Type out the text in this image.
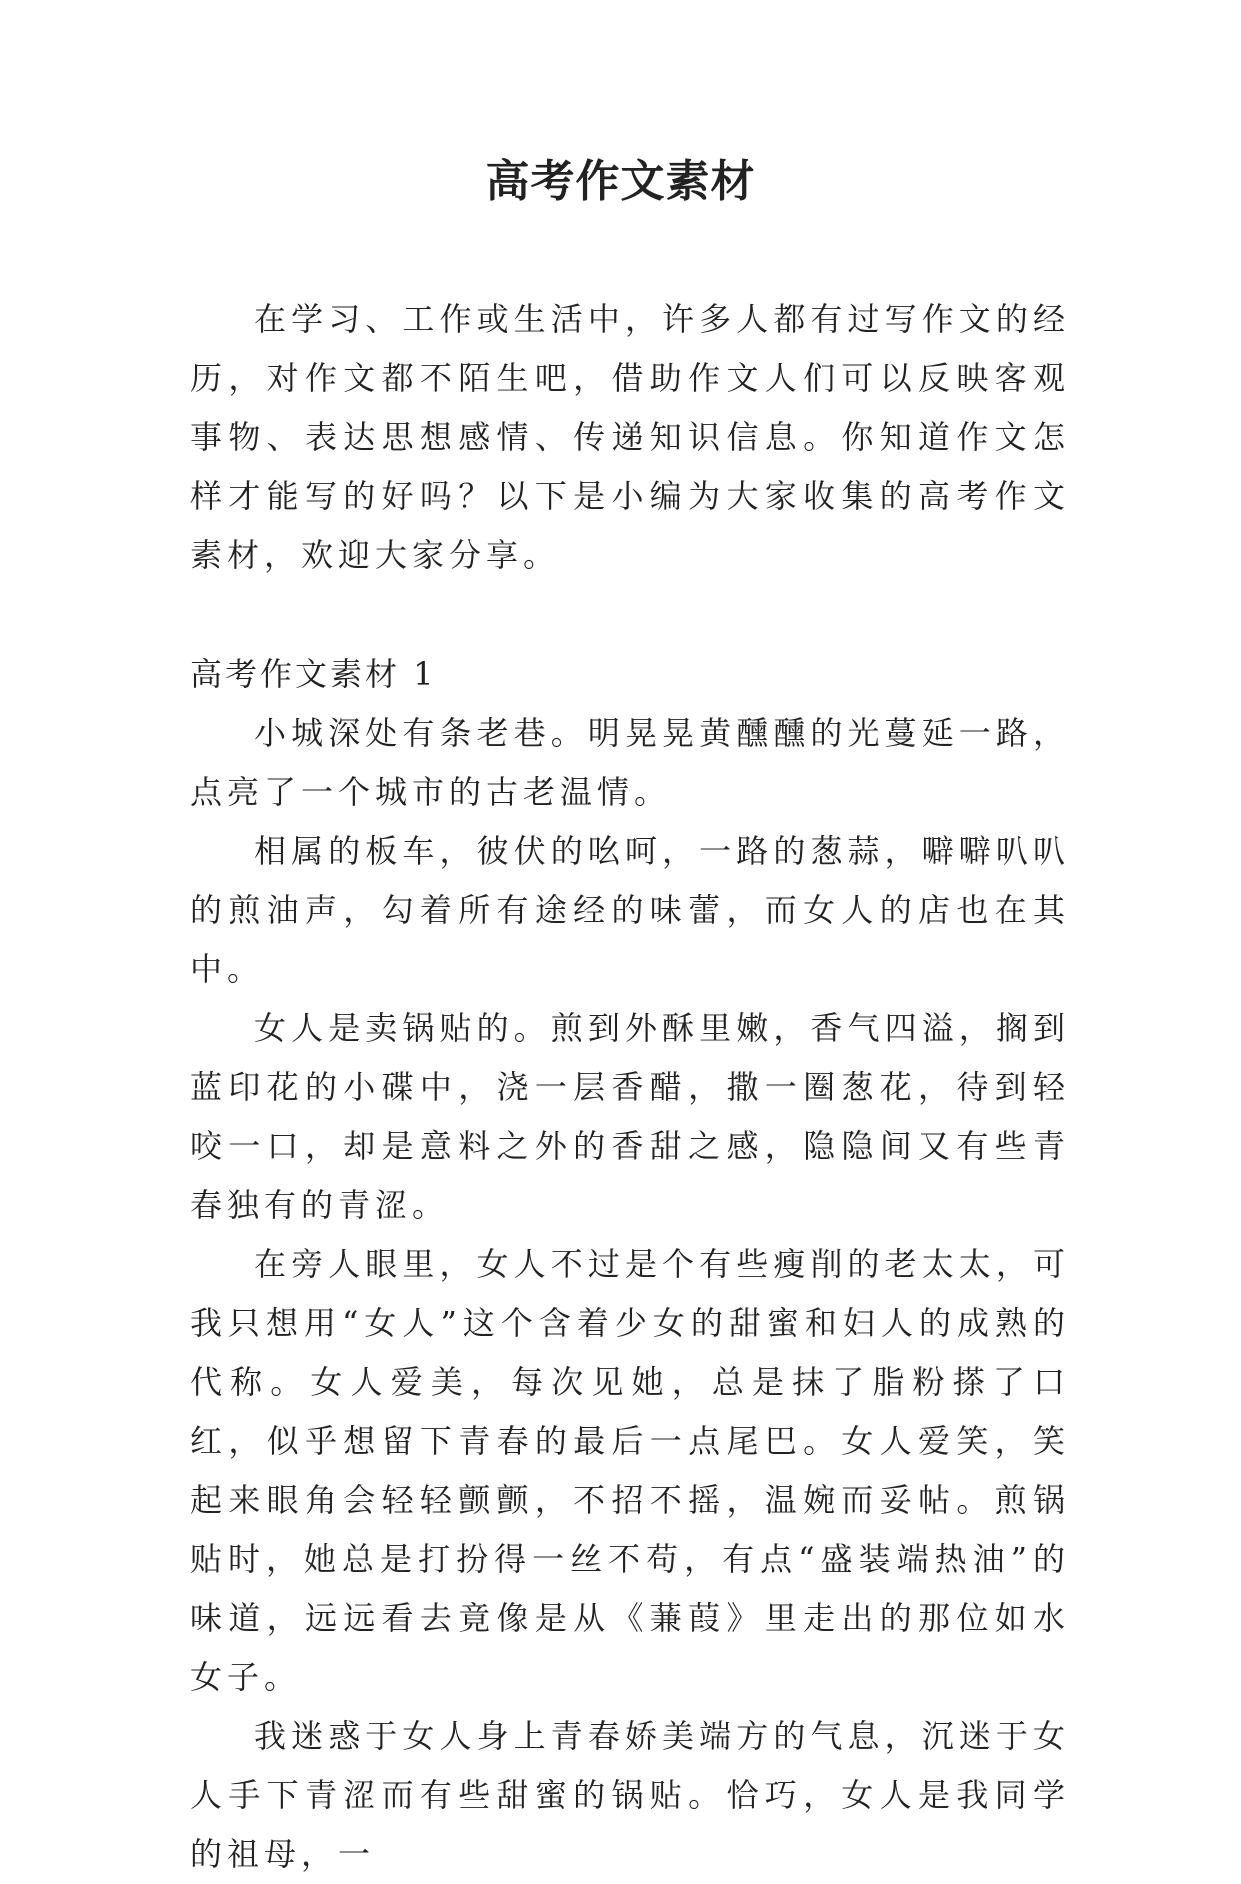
高考作文素材

在学习、工作或生活中，许多人都有过写作文的经历，对作文都不陌生吧，借助作文人们可以反映客观事物、表达思想感情、传递知识信息。你知道作文怎样才能写的好吗？以下是小编为大家收集的高考作文素材，欢迎大家分享。

高考作文素材 1

小城深处有条老巷。明晃晃黄醺醺的光蔓延一路，点亮了一个城市的古老温情。

相属的板车，彼伏的吆呵，一路的葱蒜，噼噼叭叭的煎油声，勾着所有途经的味蕾，而女人的店也在其中。

女人是卖锅贴的。煎到外酥里嫩，香气四溢，搁到蓝印花的小碟中，浇一层香醋，撒一圈葱花，待到轻咬一口，却是意料之外的香甜之感，隐隐间又有些青春独有的青涩。

在旁人眼里，女人不过是个有些瘦削的老太太，可我只想用“女人”这个含着少女的甜蜜和妇人的成熟的代称。女人爱美，每次见她，总是抹了脂粉搽了口红，似乎想留下青春的最后一点尾巴。女人爱笑，笑起来眼角会轻轻颤颤，不招不摇，温婉而妥帖。煎锅贴时，她总是打扮得一丝不苟，有点“盛装端热油”的味道，远远看去竟像是从《蒹葭》里走出的那位如水女子。

我迷惑于女人身上青春娇美端方的气息，沉迷于女人手下青涩而有些甜蜜的锅贴。恰巧，女人是我同学的祖母，一
